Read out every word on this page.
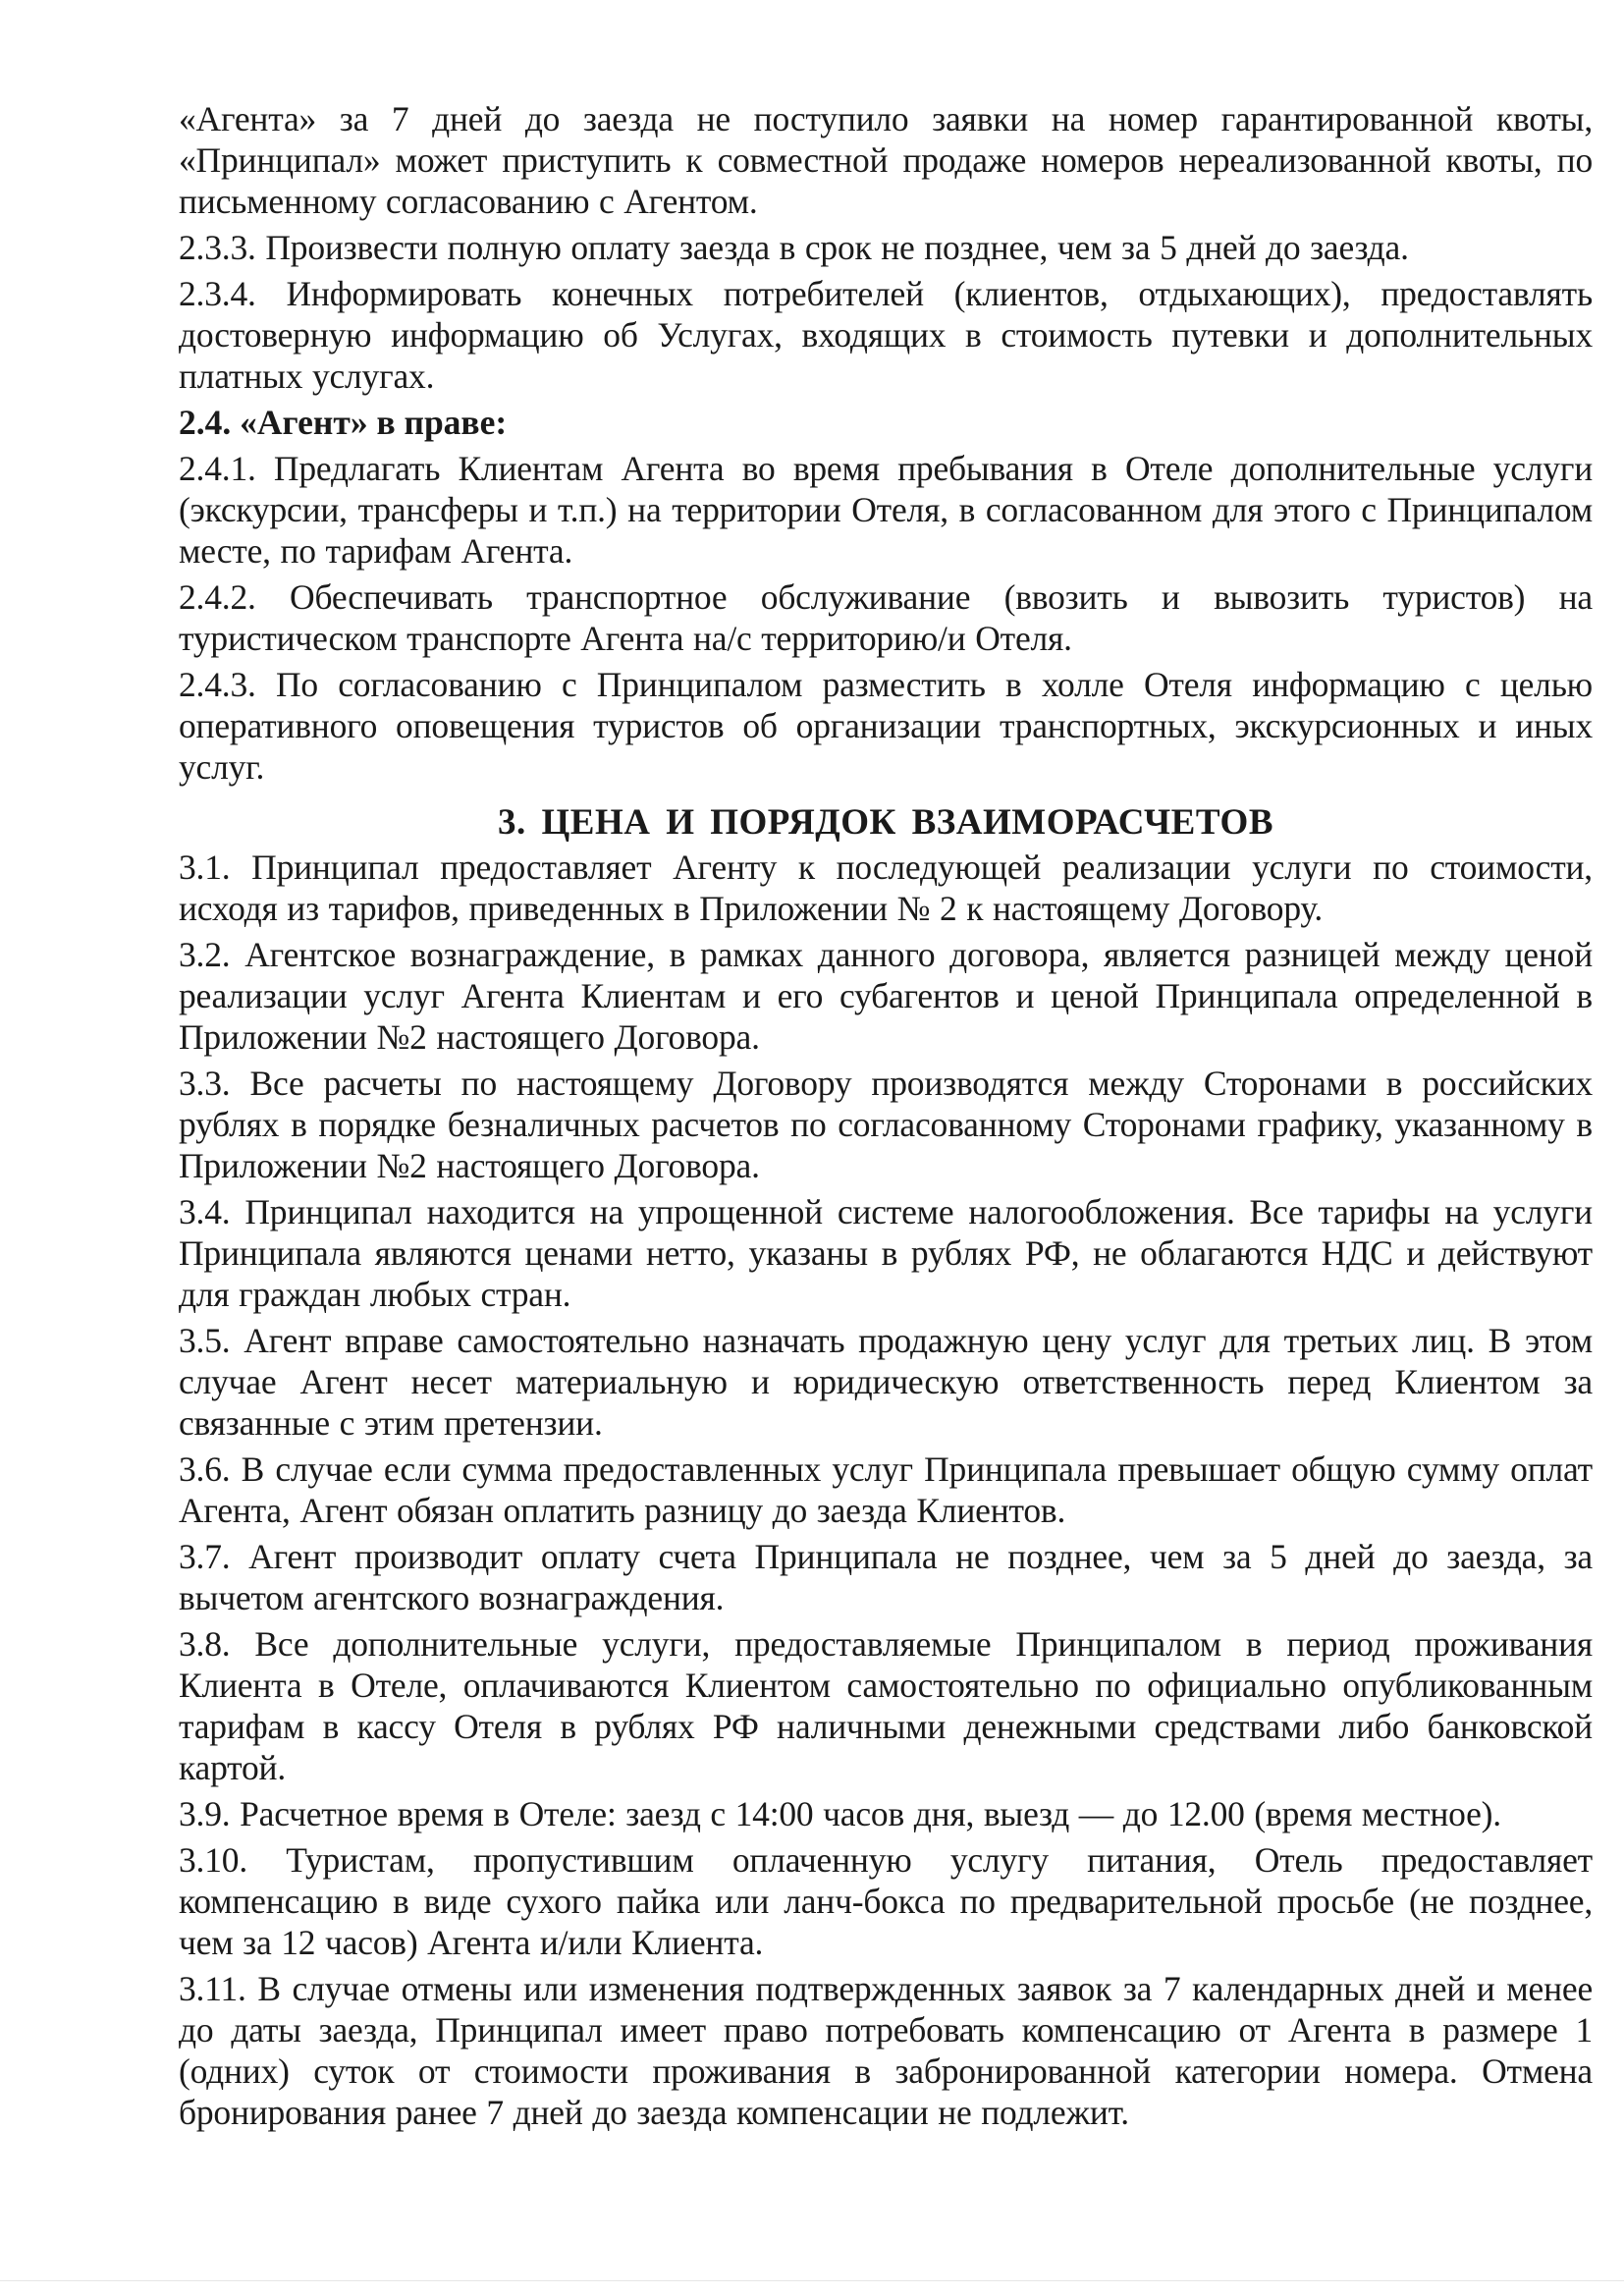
«Агента» за 7 дней до заезда не поступило заявки на номер гарантированной квоты, «Принципал» может приступить к совместной продаже номеров нереализованной квоты, по письменному согласованию с Агентом.

2.3.3. Произвести полную оплату заезда в срок не позднее, чем за 5 дней до заезда.

2.3.4. Информировать конечных потребителей (клиентов, отдыхающих), предоставлять достоверную информацию об Услугах, входящих в стоимость путевки и дополнительных платных услугах.

2.4. «Агент» в праве:

2.4.1. Предлагать Клиентам Агента во время пребывания в Отеле дополнительные услуги (экскурсии, трансферы и т.п.) на территории Отеля, в согласованном для этого с Принципалом месте, по тарифам Агента.

2.4.2. Обеспечивать транспортное обслуживание (ввозить и вывозить туристов) на туристическом транспорте Агента на/с территорию/и Отеля.

2.4.3. По согласованию с Принципалом разместить в холле Отеля информацию с целью оперативного оповещения туристов об организации транспортных, экскурсионных и иных услуг.

3. ЦЕНА И ПОРЯДОК ВЗАИМОРАСЧЕТОВ

3.1. Принципал предоставляет Агенту к последующей реализации услуги по стоимости, исходя из тарифов, приведенных в Приложении № 2 к настоящему Договору.

3.2. Агентское вознаграждение, в рамках данного договора, является разницей между ценой реализации услуг Агента Клиентам и его субагентов и ценой Принципала определенной в Приложении №2 настоящего Договора.

3.3. Все расчеты по настоящему Договору производятся между Сторонами в российских рублях в порядке безналичных расчетов по согласованному Сторонами графику, указанному в Приложении №2 настоящего Договора.

3.4. Принципал находится на упрощенной системе налогообложения. Все тарифы на услуги Принципала являются ценами нетто, указаны в рублях РФ, не облагаются НДС и действуют для граждан любых стран.

3.5. Агент вправе самостоятельно назначать продажную цену услуг для третьих лиц. В этом случае Агент несет материальную и юридическую ответственность перед Клиентом за связанные с этим претензии.

3.6. В случае если сумма предоставленных услуг Принципала превышает общую сумму оплат Агента, Агент обязан оплатить разницу до заезда Клиентов.

3.7. Агент производит оплату счета Принципала не позднее, чем за 5 дней до заезда, за вычетом агентского вознаграждения.

3.8. Все дополнительные услуги, предоставляемые Принципалом в период проживания Клиента в Отеле, оплачиваются Клиентом самостоятельно по официально опубликованным тарифам в кассу Отеля в рублях РФ наличными денежными средствами либо банковской картой.

3.9. Расчетное время в Отеле: заезд с 14:00 часов дня, выезд — до 12.00 (время местное).

3.10. Туристам, пропустившим оплаченную услугу питания, Отель предоставляет компенсацию в виде сухого пайка или ланч-бокса по предварительной просьбе (не позднее, чем за 12 часов) Агента и/или Клиента.

3.11. В случае отмены или изменения подтвержденных заявок за 7 календарных дней и менее до даты заезда, Принципал имеет право потребовать компенсацию от Агента в размере 1 (одних) суток от стоимости проживания в забронированной категории номера. Отмена бронирования ранее 7 дней до заезда компенсации не подлежит.
